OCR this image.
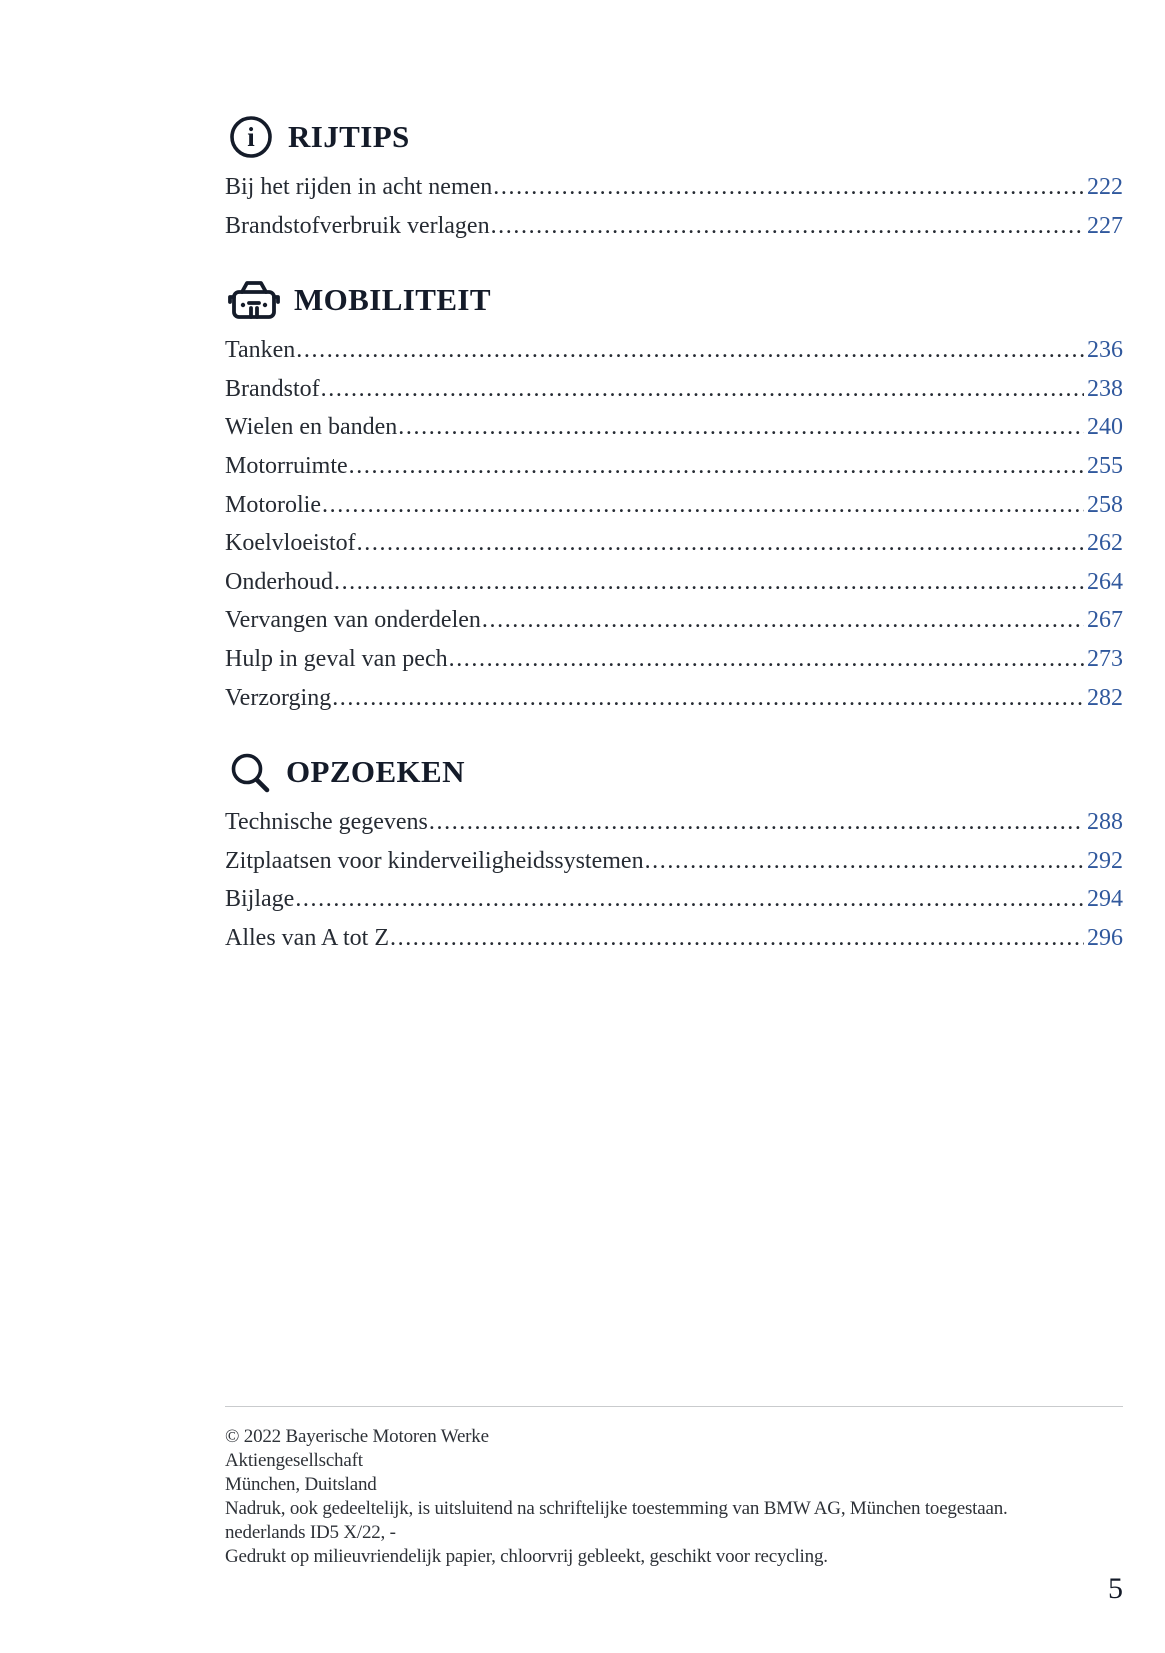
i RIJTIPS
Bij het rijden in acht nemen .....	222
Brandstofverbruik verlagen .....	227
MOBILITEIT
Tanken .....	236
Brandstof .....	238
Wielen en banden .....	240
Motorruimte .....	255
Motorolie .....	258
Koelvloeistof .....	262
Onderhoud .....	264
Vervangen van onderdelen .....	267
Hulp in geval van pech .....	273
Verzorging .....	282
OPZOEKEN
Technische gegevens .....	288
Zitplaatsen voor kinderveiligheidssystemen .....	292
Bijlage .....	294
Alles van A tot Z .....	296
© 2022 Bayerische Motoren Werke
Aktiengesellschaft
München, Duitsland
Nadruk, ook gedeeltelijk, is uitsluitend na schriftelijke toestemming van BMW AG, München toegestaan.
nederlands ID5 X/22, -
Gedrukt op milieuvriendelijk papier, chloorvrij gebleekt, geschikt voor recycling.
5
